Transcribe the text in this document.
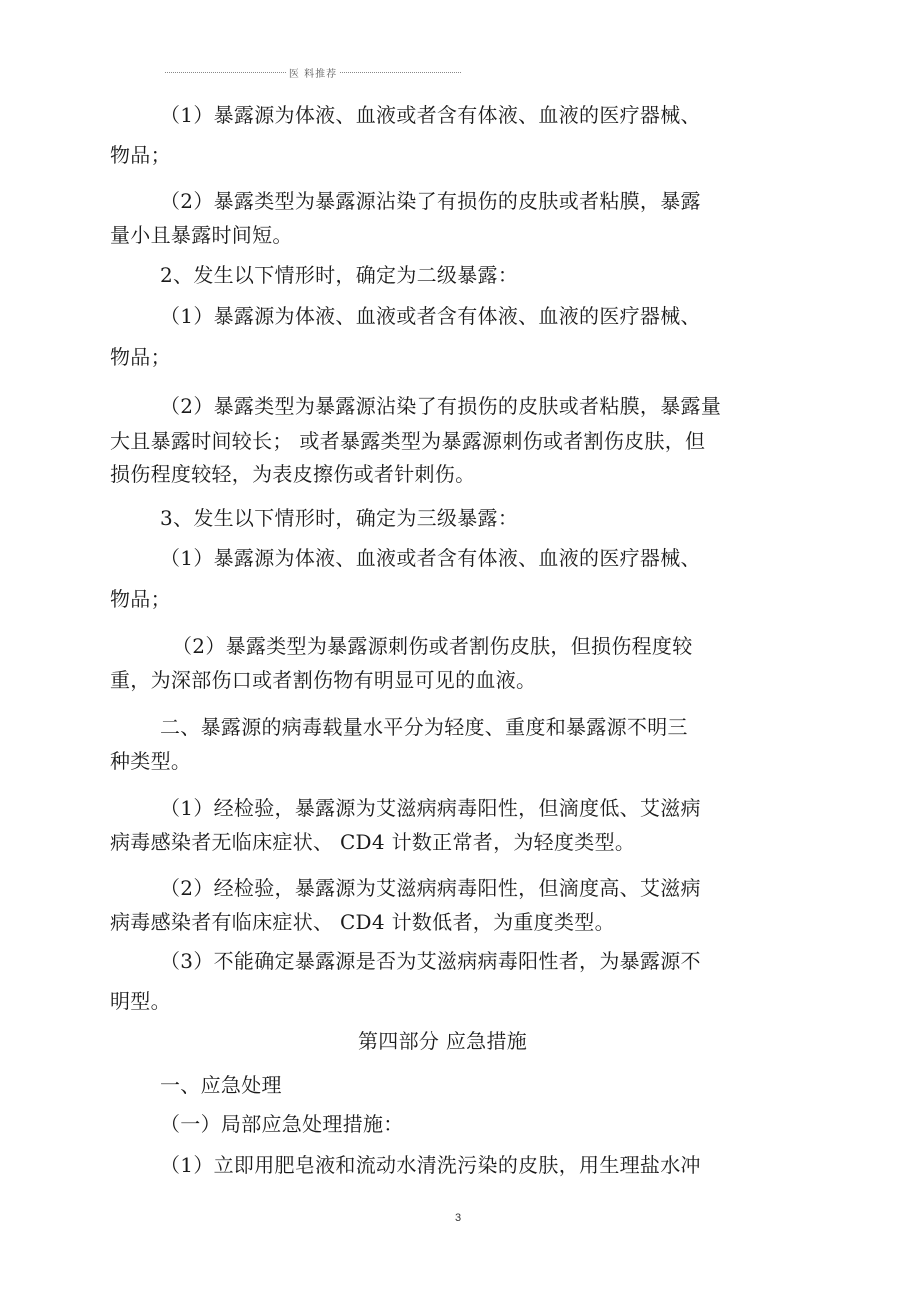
医 料推荐
（1）暴露源为体液、血液或者含有体液、血液的医疗器械、
物品；
（2）暴露类型为暴露源沾染了有损伤的皮肤或者粘膜，暴露
量小且暴露时间短。
2、发生以下情形时，确定为二级暴露：
（1）暴露源为体液、血液或者含有体液、血液的医疗器械、
物品；
（2）暴露类型为暴露源沾染了有损伤的皮肤或者粘膜，暴露量
大且暴露时间较长； 或者暴露类型为暴露源刺伤或者割伤皮肤，但
损伤程度较轻，为表皮擦伤或者针刺伤。
3、发生以下情形时，确定为三级暴露：
（1）暴露源为体液、血液或者含有体液、血液的医疗器械、
物品；
（2）暴露类型为暴露源刺伤或者割伤皮肤，但损伤程度较
重，为深部伤口或者割伤物有明显可见的血液。
二、暴露源的病毒载量水平分为轻度、重度和暴露源不明三
种类型。
（1）经检验，暴露源为艾滋病病毒阳性，但滴度低、艾滋病
病毒感染者无临床症状、 CD4 计数正常者，为轻度类型。
（2）经检验，暴露源为艾滋病病毒阳性，但滴度高、艾滋病
病毒感染者有临床症状、 CD4 计数低者，为重度类型。
（3）不能确定暴露源是否为艾滋病病毒阳性者，为暴露源不
明型。
第四部分 应急措施
一、应急处理
（一）局部应急处理措施：
（1）立即用肥皂液和流动水清洗污染的皮肤，用生理盐水冲
3
